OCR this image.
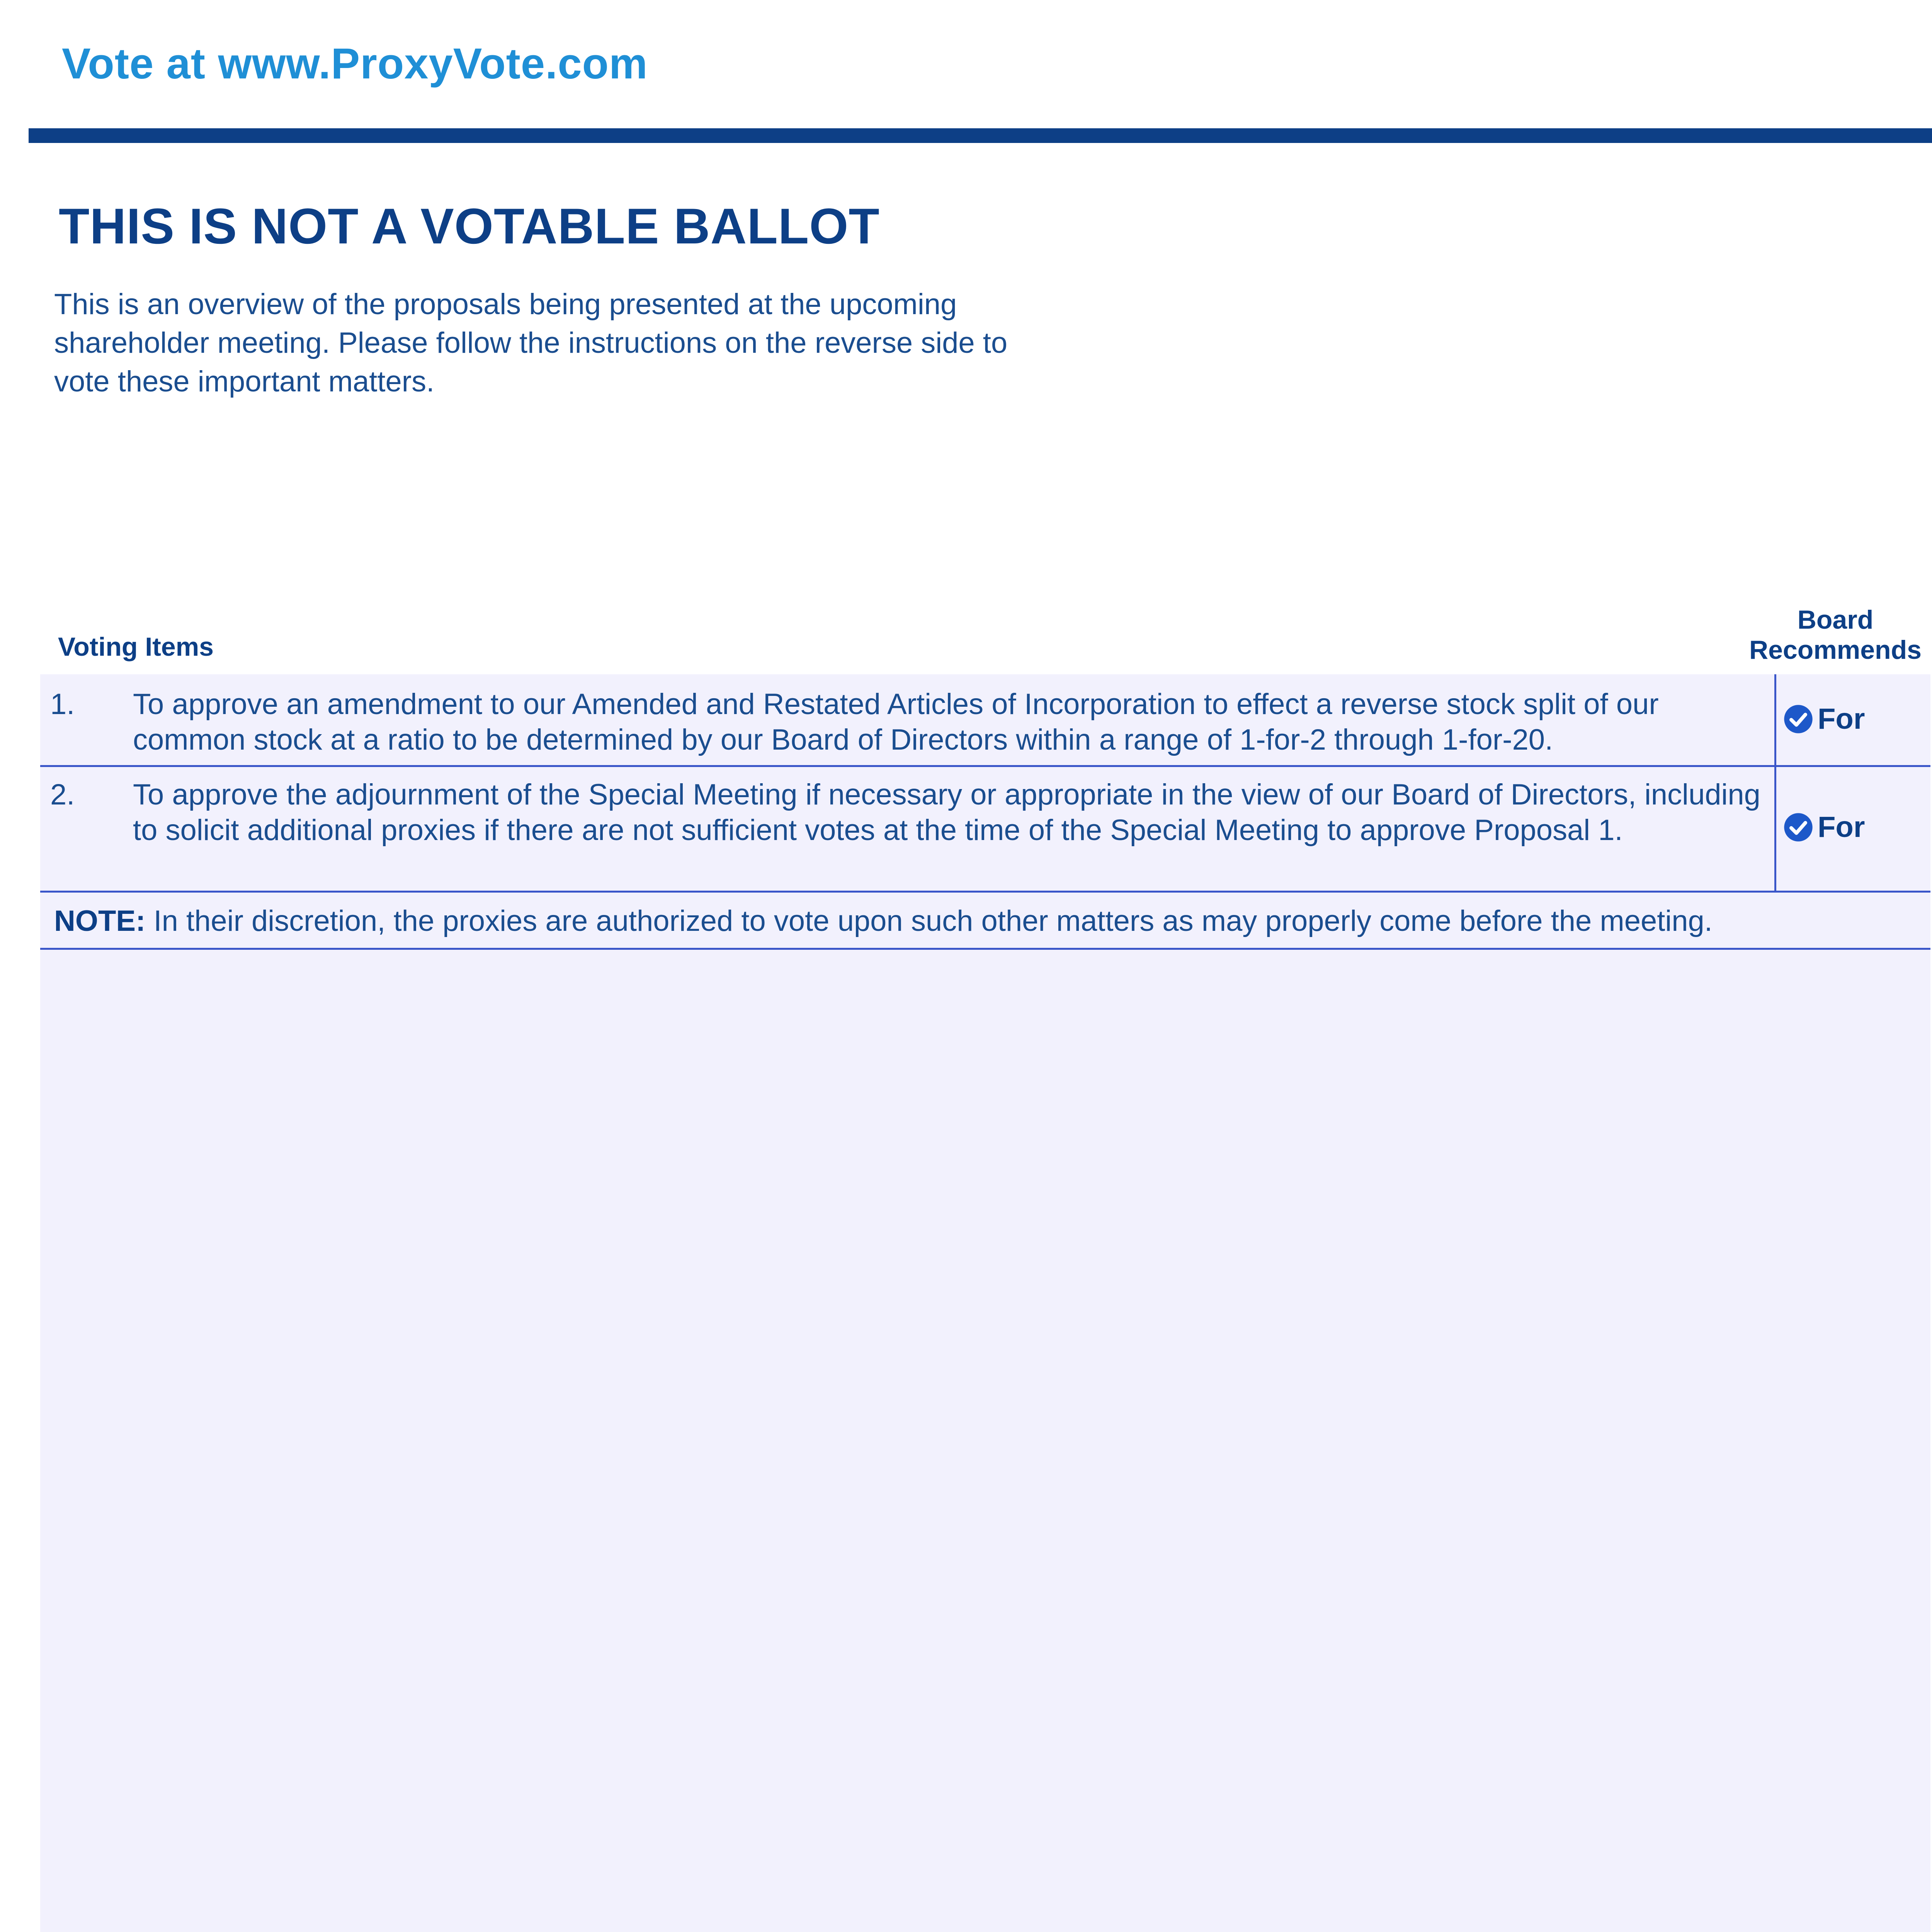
Vote at www.ProxyVote.com
THIS IS NOT A VOTABLE BALLOT
This is an overview of the proposals being presented at the upcoming shareholder meeting. Please follow the instructions on the reverse side to vote these important matters.
Voting Items
Board
Recommends
1. To approve an amendment to our Amended and Restated Articles of Incorporation to effect a reverse stock split of our common stock at a ratio to be determined by our Board of Directors within a range of 1-for-2 through 1-for-20.
For
2. To approve the adjournment of the Special Meeting if necessary or appropriate in the view of our Board of Directors, including to solicit additional proxies if there are not sufficient votes at the time of the Special Meeting to approve Proposal 1.	For
NOTE: In their discretion, the proxies are authorized to vote upon such other matters as may properly come before the meeting.
